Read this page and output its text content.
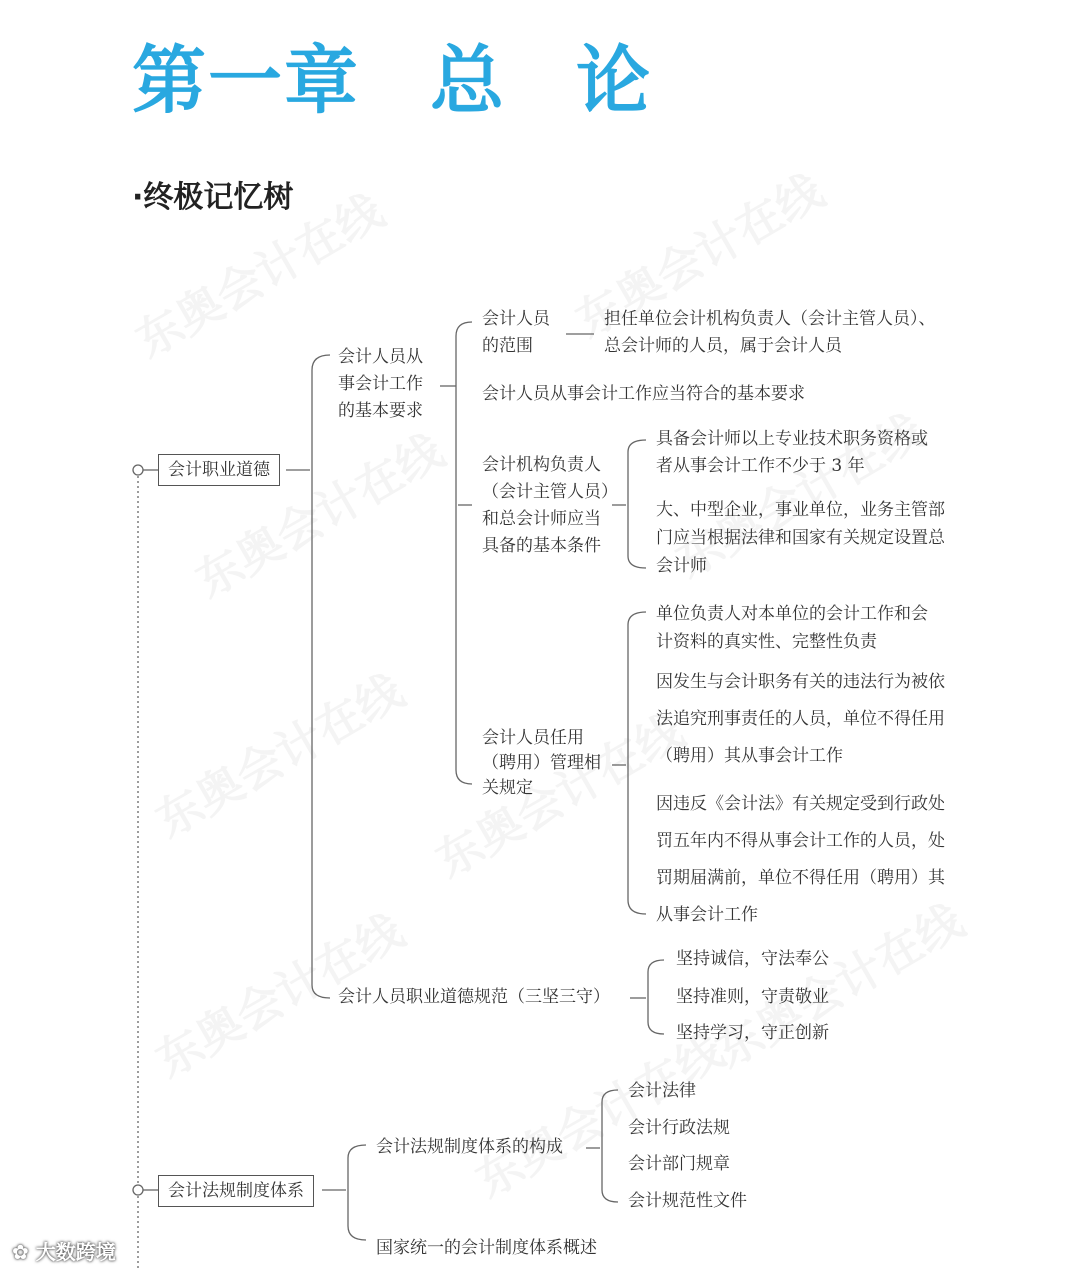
第一章 总 论
·终极记忆树
会计职业道德
会计法规制度体系
会计人员从
事会计工作
的基本要求
会计人员
的范围
担任单位会计机构负责人（会计主管人员）、
总会计师的人员，属于会计人员
会计人员从事会计工作应当符合的基本要求
会计机构负责人
（会计主管人员）
和总会计师应当
具备的基本条件
具备会计师以上专业技术职务资格或
者从事会计工作不少于 3 年
大、中型企业，事业单位，业务主管部
门应当根据法律和国家有关规定设置总
会计师
会计人员任用
（聘用）管理相
关规定
单位负责人对本单位的会计工作和会
计资料的真实性、完整性负责
因发生与会计职务有关的违法行为被依
法追究刑事责任的人员，单位不得任用
（聘用）其从事会计工作
因违反《会计法》有关规定受到行政处
罚五年内不得从事会计工作的人员，处
罚期届满前，单位不得任用（聘用）其
从事会计工作
会计人员职业道德规范（三坚三守）
坚持诚信，守法奉公
坚持准则，守责敬业
坚持学习，守正创新
会计法规制度体系的构成
会计法律
会计行政法规
会计部门规章
会计规范性文件
国家统一的会计制度体系概述
✿ 大数跨境
